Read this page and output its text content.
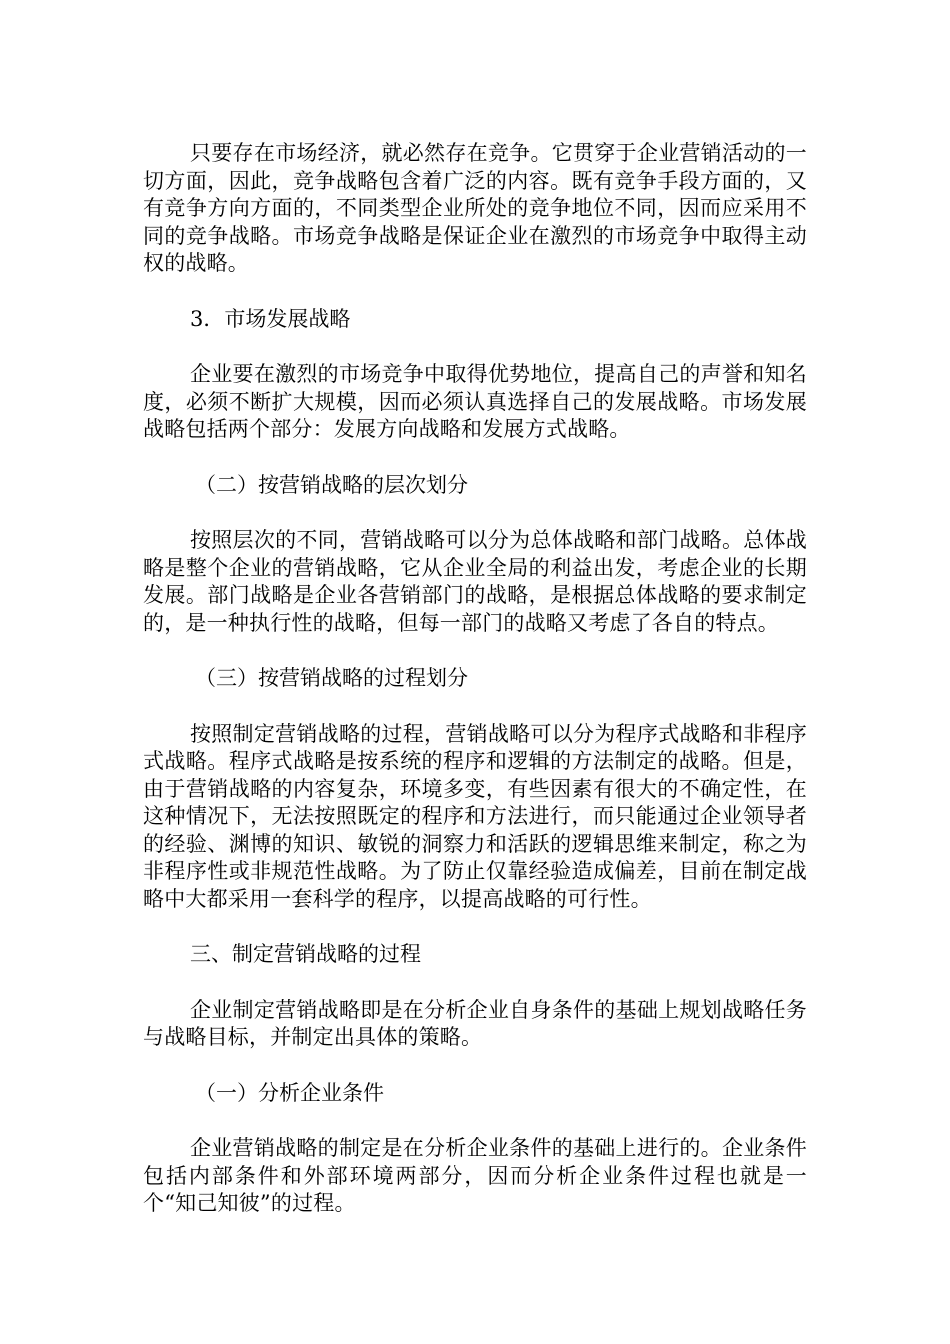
只要存在市场经济，就必然存在竞争。它贯穿于企业营销活动的一切方面，因此，竞争战略包含着广泛的内容。既有竞争手段方面的，又有竞争方向方面的，不同类型企业所处的竞争地位不同，因而应采用不同的竞争战略。市场竞争战略是保证企业在激烈的市场竞争中取得主动权的战略。

3．市场发展战略

企业要在激烈的市场竞争中取得优势地位，提高自己的声誉和知名度，必须不断扩大规模，因而必须认真选择自己的发展战略。市场发展战略包括两个部分：发展方向战略和发展方式战略。

（二）按营销战略的层次划分

按照层次的不同，营销战略可以分为总体战略和部门战略。总体战略是整个企业的营销战略，它从企业全局的利益出发，考虑企业的长期发展。部门战略是企业各营销部门的战略，是根据总体战略的要求制定的，是一种执行性的战略，但每一部门的战略又考虑了各自的特点。

（三）按营销战略的过程划分

按照制定营销战略的过程，营销战略可以分为程序式战略和非程序式战略。程序式战略是按系统的程序和逻辑的方法制定的战略。但是，由于营销战略的内容复杂，环境多变，有些因素有很大的不确定性，在这种情况下，无法按照既定的程序和方法进行，而只能通过企业领导者的经验、渊博的知识、敏锐的洞察力和活跃的逻辑思维来制定，称之为非程序性或非规范性战略。为了防止仅靠经验造成偏差，目前在制定战略中大都采用一套科学的程序，以提高战略的可行性。

三、制定营销战略的过程

企业制定营销战略即是在分析企业自身条件的基础上规划战略任务与战略目标，并制定出具体的策略。

（一）分析企业条件

企业营销战略的制定是在分析企业条件的基础上进行的。企业条件包括内部条件和外部环境两部分，因而分析企业条件过程也就是一个“知己知彼”的过程。
